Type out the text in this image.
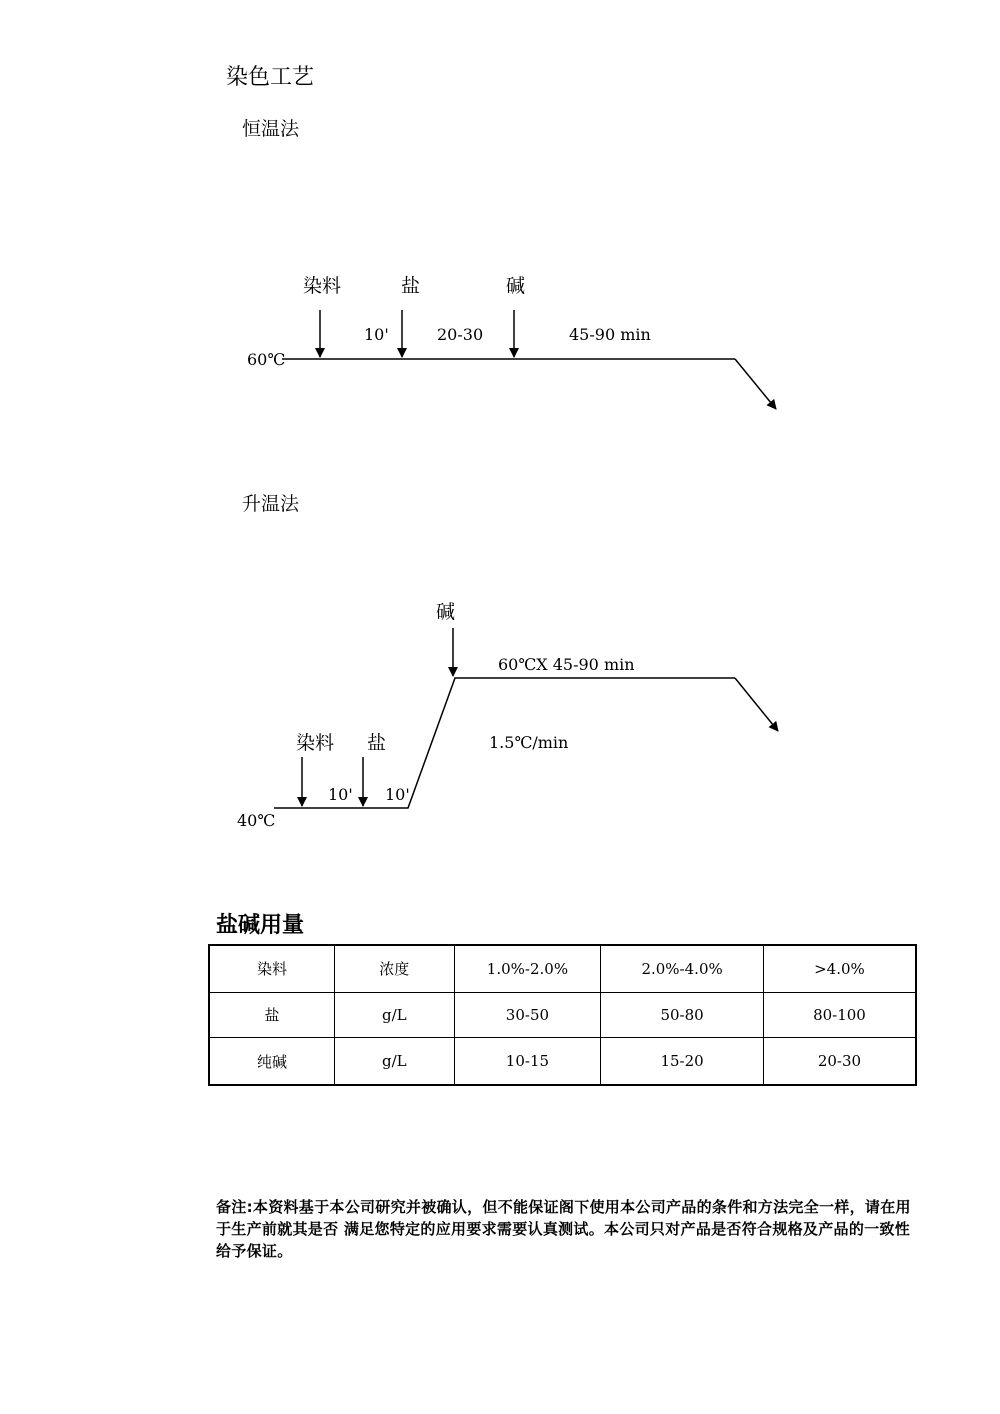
染色工艺
恒温法
升温法
染料	盐	碱
60℃
10'	20-30	45-90 min
染料 盐
碱
40℃
10' 10'
60℃X 45-90 min
1.5℃/min
盐碱用量
染料	浓度	1.0%-2.0%	2.0%-4.0%	>4.0%
盐	g/L	30-50	50-80	80-100
纯碱	g/L	10-15	15-20	20-30
备注:本资料基于本公司研究并被确认，但不能保证阁下使用本公司产品的条件和方法完全一样，请在用于生产前就其是否 满足您特定的应用要求需要认真测试。本公司只对产品是否符合规格及产品的一致性给予保证。
